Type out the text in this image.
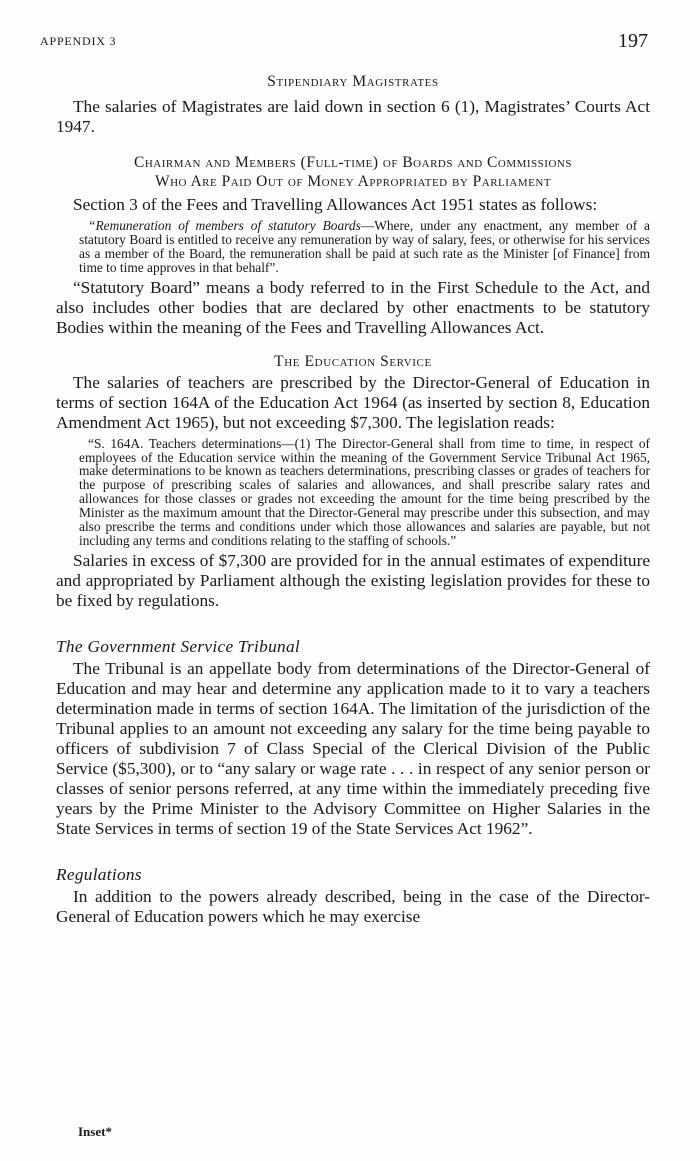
APPENDIX 3	197

Stipendiary Magistrates

The salaries of Magistrates are laid down in section 6 (1), Magistrates’ Courts Act 1947.

Chairman and Members (Full-time) of Boards and Commissions

Who Are Paid Out of Money Appropriated by Parliament

Section 3 of the Fees and Travelling Allowances Act 1951 states as follows:

“Remuneration of members of statutory Boards—Where, under any enactment, any member of a statutory Board is entitled to receive any remuneration by way of salary, fees, or otherwise for his services as a member of the Board, the remuneration shall be paid at such rate as the Minister [of Finance] from time to time approves in that behalf”.

“Statutory Board” means a body referred to in the First Schedule to the Act, and also includes other bodies that are declared by other enactments to be statutory Bodies within the meaning of the Fees and Travelling Allowances Act.

The Education Service

The salaries of teachers are prescribed by the Director-General of Education in terms of section 164A of the Education Act 1964 (as inserted by section 8, Education Amendment Act 1965), but not exceeding $7,300. The legislation reads:

“S. 164A. Teachers determinations—(1) The Director-General shall from time to time, in respect of employees of the Education service within the meaning of the Government Service Tribunal Act 1965, make determinations to be known as teachers determinations, prescribing classes or grades of teachers for the purpose of prescribing scales of salaries and allowances, and shall prescribe salary rates and allowances for those classes or grades not exceeding the amount for the time being prescribed by the Minister as the maximum amount that the Director-General may prescribe under this subsection, and may also prescribe the terms and conditions under which those allowances and salaries are payable, but not including any terms and conditions relating to the staffing of schools.”

Salaries in excess of $7,300 are provided for in the annual estimates of expenditure and appropriated by Parliament although the existing legislation provides for these to be fixed by regulations.

The Government Service Tribunal

The Tribunal is an appellate body from determinations of the Director-General of Education and may hear and determine any application made to it to vary a teachers determination made in terms of section 164A. The limitation of the jurisdiction of the Tribunal applies to an amount not exceeding any salary for the time being payable to officers of subdivision 7 of Class Special of the Clerical Division of the Public Service ($5,300), or to “any salary or wage rate . . . in respect of any senior person or classes of senior persons referred, at any time within the immediately preceding five years by the Prime Minister to the Advisory Committee on Higher Salaries in the State Services in terms of section 19 of the State Services Act 1962”.

Regulations

In addition to the powers already described, being in the case of the Director-General of Education powers which he may exercise

Inset*
